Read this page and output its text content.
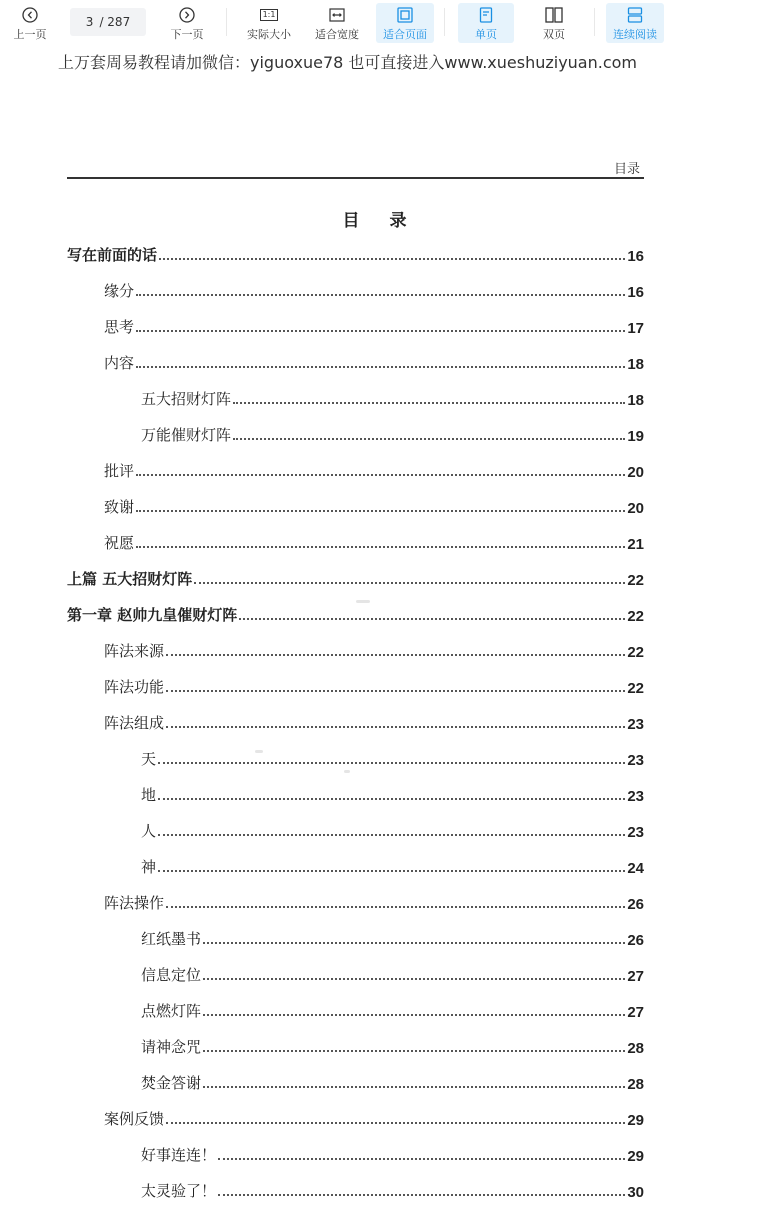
上一页
3 / 287
下一页
1:1
实际大小 适合宽度 适合页面	单页	双页	连续阅读
上万套周易教程请加微信：yiguoxue78 也可直接进入www.xueshuziyuan.com
目录
目 录
写在前面的话	16
缘分	16
思考	17
内容	18
五大招财灯阵	18
万能催财灯阵	19
批评	20
致谢	20
祝愿	21
上篇 五大招财灯阵	22
第一章 赵帅九皇催财灯阵	22
阵法来源	22
阵法功能	22
阵法组成	23
天	23
地	23
人	23
神	24
阵法操作	26
红纸墨书	26
信息定位	27
点燃灯阵	27
请神念咒	28
焚金答谢	28
案例反馈	29
好事连连！	29
太灵验了！	30
